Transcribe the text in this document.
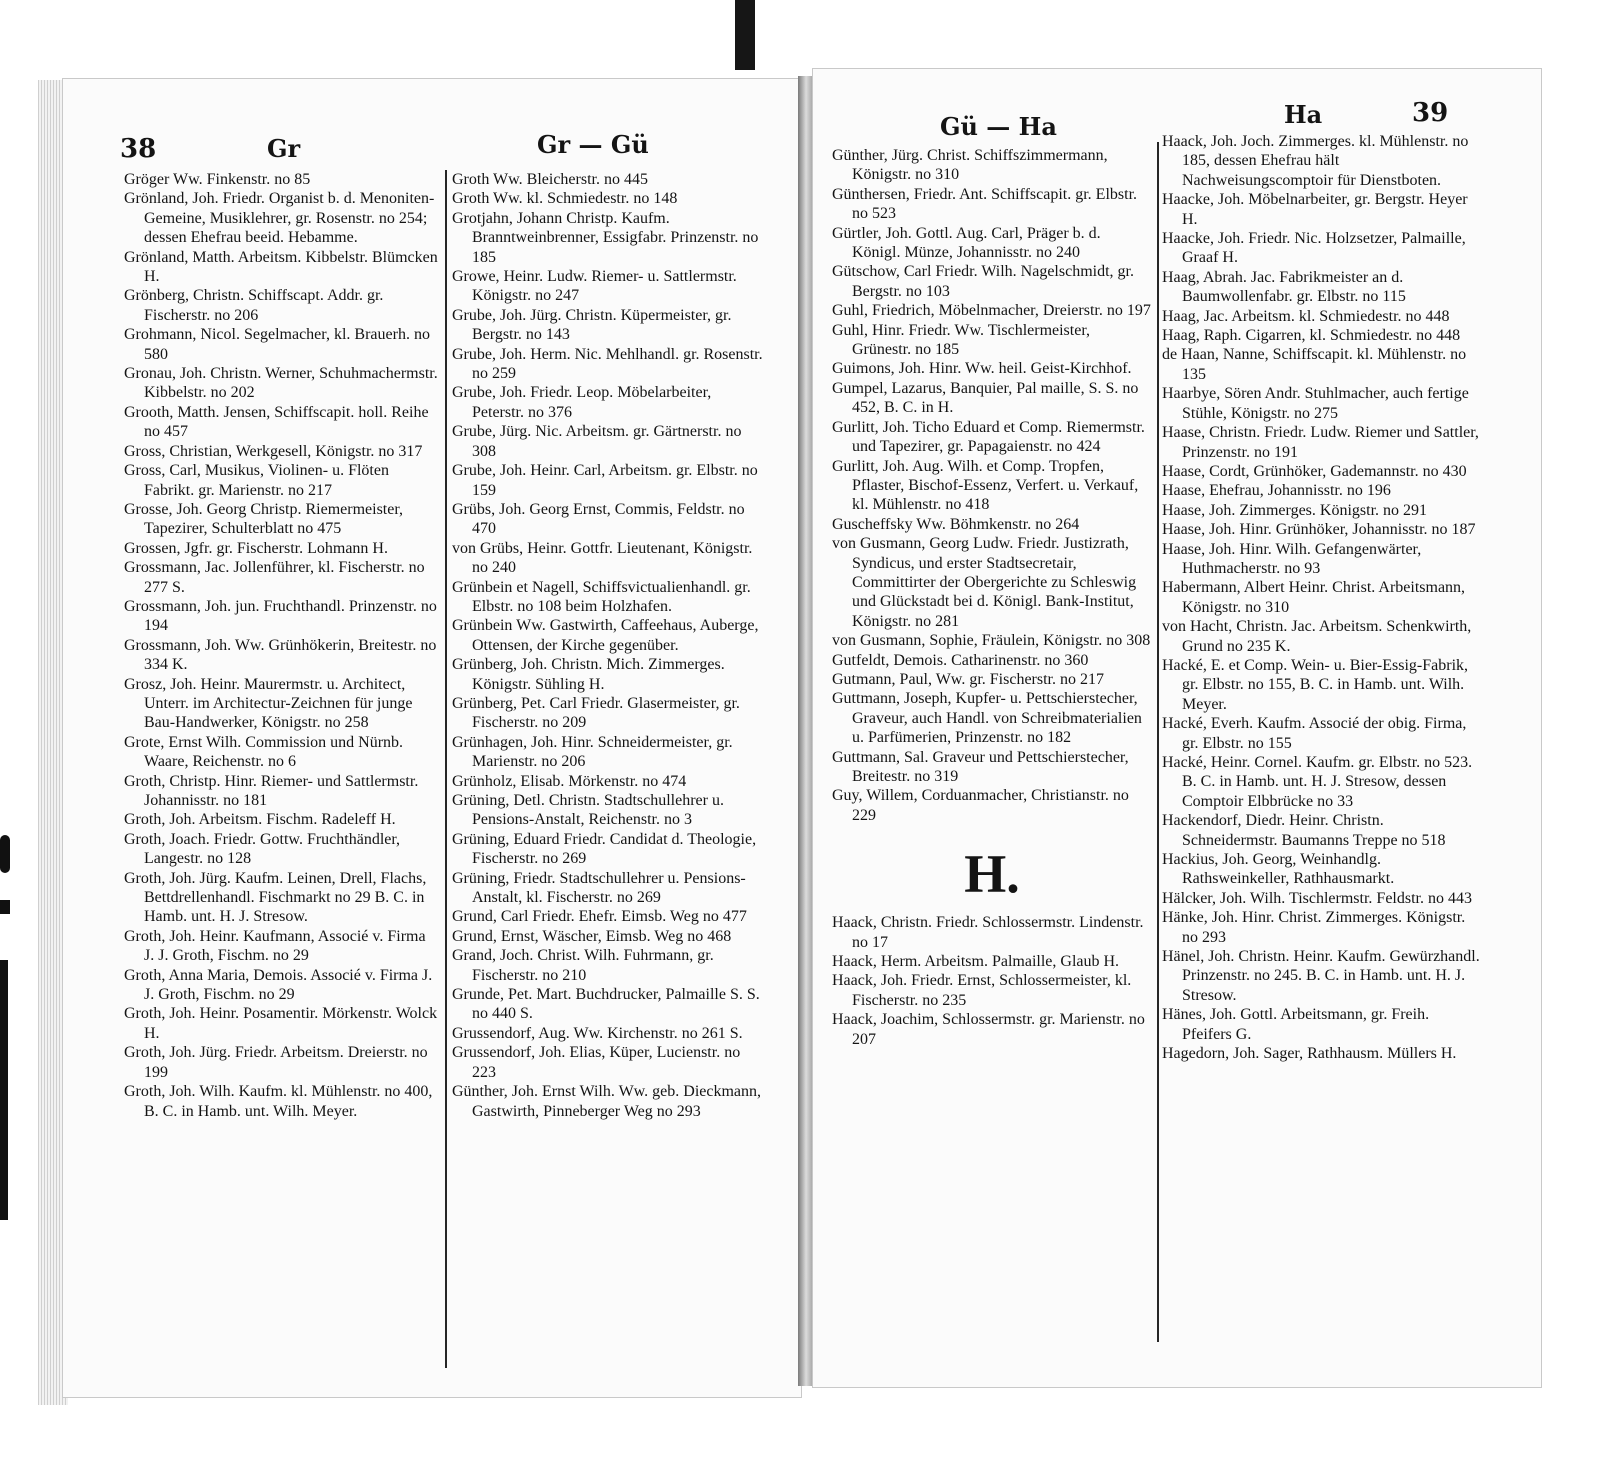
38	Gr	Gr — Gü

Gröger Ww. Finkenstr. no 85

Grönland, Joh. Friedr. Organist b. d. Menoniten-Gemeine, Musiklehrer, gr. Rosenstr. no 254; dessen Ehefrau beeid. Hebamme.

Grönland, Matth. Arbeitsm. Kibbelstr. Blümcken H.

Grönberg, Christn. Schiffscapt. Addr. gr. Fischerstr. no 206

Grohmann, Nicol. Segelmacher, kl. Brauerh. no 580

Gronau, Joh. Christn. Werner, Schuhmachermstr. Kibbelstr. no 202

Grooth, Matth. Jensen, Schiffscapit. holl. Reihe no 457

Gross, Christian, Werkgesell, Königstr. no 317

Gross, Carl, Musikus, Violinen- u. Flöten Fabrikt. gr. Marienstr. no 217

Grosse, Joh. Georg Christp. Riemermeister, Tapezirer, Schulterblatt no 475

Grossen, Jgfr. gr. Fischerstr. Lohmann H.

Grossmann, Jac. Jollenführer, kl. Fischerstr. no 277 S.

Grossmann, Joh. jun. Fruchthandl. Prinzenstr. no 194

Grossmann, Joh. Ww. Grünhökerin, Breitestr. no 334 K.

Grosz, Joh. Heinr. Maurermstr. u. Architect, Unterr. im Architectur-Zeichnen für junge Bau-Handwerker, Königstr. no 258

Grote, Ernst Wilh. Commission und Nürnb. Waare, Reichenstr. no 6

Groth, Christp. Hinr. Riemer- und Sattlermstr. Johannisstr. no 181

Groth, Joh. Arbeitsm. Fischm. Radeleff H.

Groth, Joach. Friedr. Gottw. Fruchthändler, Langestr. no 128

Groth, Joh. Jürg. Kaufm. Leinen, Drell, Flachs, Bettdrellenhandl. Fischmarkt no 29 B. C. in Hamb. unt. H. J. Stresow.

Groth, Joh. Heinr. Kaufmann, Associé v. Firma J. J. Groth, Fischm. no 29

Groth, Anna Maria, Demois. Associé v. Firma J. J. Groth, Fischm. no 29

Groth, Joh. Heinr. Posamentir. Mörkenstr. Wolck H.

Groth, Joh. Jürg. Friedr. Arbeitsm. Dreierstr. no 199

Groth, Joh. Wilh. Kaufm. kl. Mühlenstr. no 400, B. C. in Hamb. unt. Wilh. Meyer.

Groth Ww. Bleicherstr. no 445

Groth Ww. kl. Schmiedestr. no 148

Grotjahn, Johann Christp. Kaufm. Branntweinbrenner, Essigfabr. Prinzenstr. no 185

Growe, Heinr. Ludw. Riemer- u. Sattlermstr. Königstr. no 247

Grube, Joh. Jürg. Christn. Küpermeister, gr. Bergstr. no 143

Grube, Joh. Herm. Nic. Mehlhandl. gr. Rosenstr. no 259

Grube, Joh. Friedr. Leop. Möbelarbeiter, Peterstr. no 376

Grube, Jürg. Nic. Arbeitsm. gr. Gärtnerstr. no 308

Grube, Joh. Heinr. Carl, Arbeitsm. gr. Elbstr. no 159

Grübs, Joh. Georg Ernst, Commis, Feldstr. no 470

von Grübs, Heinr. Gottfr. Lieutenant, Königstr. no 240

Grünbein et Nagell, Schiffsvictualienhandl. gr. Elbstr. no 108 beim Holzhafen.

Grünbein Ww. Gastwirth, Caffeehaus, Auberge, Ottensen, der Kirche gegenüber.

Grünberg, Joh. Christn. Mich. Zimmerges. Königstr. Sühling H.

Grünberg, Pet. Carl Friedr. Glasermeister, gr. Fischerstr. no 209

Grünhagen, Joh. Hinr. Schneidermeister, gr. Marienstr. no 206

Grünholz, Elisab. Mörkenstr. no 474

Grüning, Detl. Christn. Stadtschullehrer u. Pensions-Anstalt, Reichenstr. no 3

Grüning, Eduard Friedr. Candidat d. Theologie, Fischerstr. no 269

Grüning, Friedr. Stadtschullehrer u. Pensions-Anstalt, kl. Fischerstr. no 269

Grund, Carl Friedr. Ehefr. Eimsb. Weg no 477

Grund, Ernst, Wäscher, Eimsb. Weg no 468

Grand, Joch. Christ. Wilh. Fuhrmann, gr. Fischerstr. no 210

Grunde, Pet. Mart. Buchdrucker, Palmaille S. S. no 440 S.

Grussendorf, Aug. Ww. Kirchenstr. no 261 S.

Grussendorf, Joh. Elias, Küper, Lucienstr. no 223

Günther, Joh. Ernst Wilh. Ww. geb. Dieckmann, Gastwirth, Pinneberger Weg no 293

Gü — Ha	Ha	39

Günther, Jürg. Christ. Schiffszimmermann, Königstr. no 310

Günthersen, Friedr. Ant. Schiffscapit. gr. Elbstr. no 523

Gürtler, Joh. Gottl. Aug. Carl, Präger b. d. Königl. Münze, Johannisstr. no 240

Gütschow, Carl Friedr. Wilh. Nagelschmidt, gr. Bergstr. no 103

Guhl, Friedrich, Möbelnmacher, Dreierstr. no 197

Guhl, Hinr. Friedr. Ww. Tischlermeister, Grünestr. no 185

Guimons, Joh. Hinr. Ww. heil. Geist-Kirchhof.

Gumpel, Lazarus, Banquier, Pal maille, S. S. no 452, B. C. in H.

Gurlitt, Joh. Ticho Eduard et Comp. Riemermstr. und Tapezirer, gr. Papagaienstr. no 424

Gurlitt, Joh. Aug. Wilh. et Comp. Tropfen, Pflaster, Bischof-Essenz, Verfert. u. Verkauf, kl. Mühlenstr. no 418

Guscheffsky Ww. Böhmkenstr. no 264

von Gusmann, Georg Ludw. Friedr. Justizrath, Syndicus, und erster Stadtsecretair, Committirter der Obergerichte zu Schleswig und Glückstadt bei d. Königl. Bank-Institut, Königstr. no 281

von Gusmann, Sophie, Fräulein, Königstr. no 308

Gutfeldt, Demois. Catharinenstr. no 360

Gutmann, Paul, Ww. gr. Fischerstr. no 217

Guttmann, Joseph, Kupfer- u. Pettschierstecher, Graveur, auch Handl. von Schreibmaterialien u. Parfümerien, Prinzenstr. no 182

Guttmann, Sal. Graveur und Pettschierstecher, Breitestr. no 319

Guy, Willem, Corduanmacher, Christianstr. no 229

H.

Haack, Christn. Friedr. Schlossermstr. Lindenstr. no 17

Haack, Herm. Arbeitsm. Palmaille, Glaub H.

Haack, Joh. Friedr. Ernst, Schlossermeister, kl. Fischerstr. no 235

Haack, Joachim, Schlossermstr. gr. Marienstr. no 207

Haack, Joh. Joch. Zimmerges. kl. Mühlenstr. no 185, dessen Ehefrau hält Nachweisungscomptoir für Dienstboten.

Haacke, Joh. Möbelnarbeiter, gr. Bergstr. Heyer H.

Haacke, Joh. Friedr. Nic. Holzsetzer, Palmaille, Graaf H.

Haag, Abrah. Jac. Fabrikmeister an d. Baumwollenfabr. gr. Elbstr. no 115

Haag, Jac. Arbeitsm. kl. Schmiedestr. no 448

Haag, Raph. Cigarren, kl. Schmiedestr. no 448

de Haan, Nanne, Schiffscapit. kl. Mühlenstr. no 135

Haarbye, Sören Andr. Stuhlmacher, auch fertige Stühle, Königstr. no 275

Haase, Christn. Friedr. Ludw. Riemer und Sattler, Prinzenstr. no 191

Haase, Cordt, Grünhöker, Gademannstr. no 430

Haase, Ehefrau, Johannisstr. no 196

Haase, Joh. Zimmerges. Königstr. no 291

Haase, Joh. Hinr. Grünhöker, Johannisstr. no 187

Haase, Joh. Hinr. Wilh. Gefangenwärter, Huthmacherstr. no 93

Habermann, Albert Heinr. Christ. Arbeitsmann, Königstr. no 310

von Hacht, Christn. Jac. Arbeitsm. Schenkwirth, Grund no 235 K.

Hacké, E. et Comp. Wein- u. Bier-Essig-Fabrik, gr. Elbstr. no 155, B. C. in Hamb. unt. Wilh. Meyer.

Hacké, Everh. Kaufm. Associé der obig. Firma, gr. Elbstr. no 155

Hacké, Heinr. Cornel. Kaufm. gr. Elbstr. no 523. B. C. in Hamb. unt. H. J. Stresow, dessen Comptoir Elbbrücke no 33

Hackendorf, Diedr. Heinr. Christn. Schneidermstr. Baumanns Treppe no 518

Hackius, Joh. Georg, Weinhandlg. Rathsweinkeller, Rathhausmarkt.

Hälcker, Joh. Wilh. Tischlermstr. Feldstr. no 443

Hänke, Joh. Hinr. Christ. Zimmerges. Königstr. no 293

Hänel, Joh. Christn. Heinr. Kaufm. Gewürzhandl. Prinzenstr. no 245. B. C. in Hamb. unt. H. J. Stresow.

Hänes, Joh. Gottl. Arbeitsmann, gr. Freih. Pfeifers G.

Hagedorn, Joh. Sager, Rathhausm. Müllers H.
